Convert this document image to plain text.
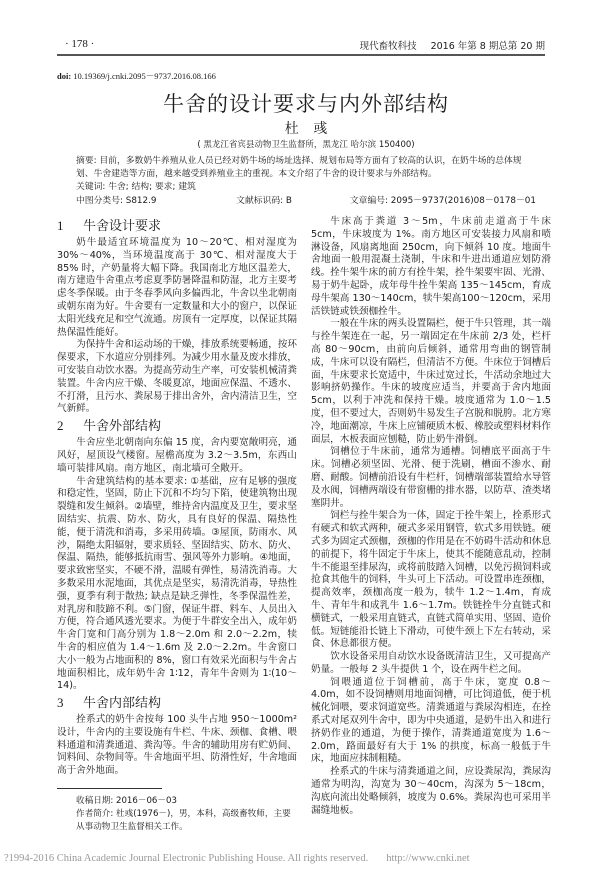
· 178 ·	现代畜牧科技 2016 年第 8 期总第 20 期
doi: 10.19369/j.cnki.2095－9737.2016.08.166
牛舍的设计要求与内外部结构
杜 彧
( 黑龙江省宾县动物卫生监督所，黑龙江 哈尔滨 150400)
摘要: 目前，多数奶牛养殖从业人员已经对奶牛场的场址选择、规划布局等方面有了较高的认识，在奶牛场的总体规划、牛舍建造等方面，越来越受到养殖业主的重视。本文介绍了牛舍的设计要求与外部结构。
关键词: 牛舍; 结构; 要求; 建筑
中图分类号: S812.9	文献标识码: B	文章编号: 2095－9737(2016)08－0178－01
1 牛舍设计要求

奶牛最适宜环境温度为 10～20℃、相对湿度为 30%～40%，当环境温度高于 30℃、相对湿度大于 85% 时，产奶量将大幅下降。我国南北方地区温差大，南方建造牛舍重点考虑夏季防暑降温和防湿，北方主要考虑冬季保暖。由于冬春季风向多偏西北，牛舍以坐北朝南或朝东南为好。牛舍要有一定数量和大小的窗户，以保证太阳光线充足和空气流通。房顶有一定厚度，以保证其隔热保温性能好。

为保持牛舍和运动场的干燥，排放系统要畅通，按环保要求，下水道应分别排列。为减少用水量及废水排放，可安装自动饮水器。为提高劳动生产率，可安装机械清粪装置。牛舍内应干燥、冬暖夏凉，地面应保温、不透水、不打滑，且污水、粪尿易于排出舍外，舍内清洁卫生，空气新鲜。

2 牛舍外部结构

牛舍应坐北朝南向东偏 15 度，舍内要宽敞明亮，通风好，屋顶设气楼窗。屋檐高度为 3.2～3.5m，东西山墙可装排风扇。南方地区，南北墙可全敞开。

牛舍建筑结构的基本要求: ①基础，应有足够的强度和稳定性，坚固，防止下沉和不均匀下陷，使建筑物出现裂缝和发生倾斜。②墙壁，维持舍内温度及卫生，要求坚固结实、抗震、防水、防火，具有良好的保温、隔热性能，便于清洗和消毒，多采用砖墙。③屋顶，防雨水、风沙，隔绝太阳辐射，要求质轻、坚固结实、防水、防火、保温、隔热，能够抵抗雨雪、强风等外力影响。④地面，要求致密坚实，不硬不滑，温暖有弹性，易清洗消毒。大多数采用水泥地面，其优点是坚实，易清洗消毒，导热性强，夏季有利于散热; 缺点是缺乏弹性，冬季保温性差，对乳房和肢蹄不利。⑤门窗，保证牛群、料车、人员出入方便，符合通风透光要求。为便于牛群安全出入，成年奶牛舍门宽和门高分别为 1.8～2.0m 和 2.0～2.2m，犊牛舍的相应值为 1.4～1.6m 及 2.0～2.2m。牛舍窗口大小一般为占地面积的 8%，窗口有效采光面积与牛舍占地面积相比，成年奶牛舍 1∶12，青年牛舍则为 1∶(10～14)。

3 牛舍内部结构

拴系式的奶牛舍按每 100 头牛占地 950～1000m² 设计，牛舍内的主要设施有牛栏、牛床、颈枷、食槽、喂料通道和清粪通道、粪沟等。牛舍的辅助用房有贮奶间、饲料间、杂物间等。牛舍地面平坦、防滑性好，牛舍地面高于舍外地面。

收稿日期: 2016－06－03
作者简介: 杜彧(1976－)，男，本科，高级畜牧师，主要从事动物卫生监督相关工作。

牛床高于粪道 3～5m，牛床前走道高于牛床 5cm，牛床坡度为 1%。南方地区可安装接力风扇和喷淋设备，风扇离地面 250cm，向下倾斜 10 度。地面牛舍地面一般用混凝土浇制，牛床和牛进出通道应划防滑线。拴牛架牛床的前方有拴牛架，拴牛架要牢固、光滑、易于奶牛起卧，成年母牛拴牛架高 135～145cm，育成母牛架高 130～140cm，犊牛架高100～120cm，采用活铁链或铁颈枷拴牛。

一般在牛床的两头设置隔栏，便于牛只管理，其一端与拴牛架连在一起，另一端固定在牛床前 2/3 处，栏杆高 80～90cm，由前向后倾斜，通常用弯曲的钢管制成，牛床可以设有隔栏，但清洁不方便。牛床位于饲槽后面，牛床要求长宽适中，牛床过宽过长，牛活动余地过大影响挤奶操作。牛床的坡度应适当，并要高于舍内地面 5cm，以利于冲洗和保持干燥。坡度通常为 1.0～1.5 度，但不要过大，否则奶牛易发生子宫脱和脱胯。北方寒冷，地面潮凉，牛床上应铺硬质木板、橡胶或塑料材料作面层，木板表面应刨糙，防止奶牛滑倒。

饲槽位于牛床前，通常为通槽。饲槽底平面高于牛床。饲槽必须坚固、光滑、便于洗刷，槽面不渗水、耐磨、耐酸。饲槽前沿设有牛栏杆，饲槽端部装置给水导管及水阀，饲槽两端设有带窗栅的排水器，以防草、渣类堵塞阴井。

饲栏与拴牛架合为一体，固定于拴牛架上，拴系形式有硬式和软式两种，硬式多采用钢管，软式多用铁链。硬式多为固定式颈枷，颈枷的作用是在不妨碍牛活动和休息的前提下，将牛固定于牛床上，使其不能随意乱动，控制牛不能退至排尿沟，或将前肢踏入饲槽，以免污损饲料或抢食其他牛的饲料，牛头可上下活动。可设置串连颈枷，提高效率，颈枷高度一般为，犊牛 1.2～1.4m，育成牛、青年牛和成乳牛 1.6～1.7m。铁链拴牛分直链式和横链式，一般采用直链式，直链式简单实用、坚固、造价低。短链能沿长链上下滑动，可使牛颈上下左右转动，采食、休息都很方便。

饮水设备采用自动饮水设备既清洁卫生，又可提高产奶量。一般每 2 头牛提供 1 个，设在两牛栏之间。

饲喂通道位于饲槽前，高于牛床，宽度 0.8～4.0m，如不设饲槽则用地面饲槽，可比饲道低，便于机械化饲喂，要求饲道宽些。清粪通道与粪尿沟相连，在拴系式对尾双列牛舍中，即为中央通道，是奶牛出入和进行挤奶作业的通道，为便于操作，清粪通道宽度为 1.6～2.0m，路面最好有大于 1% 的拱度，标高一般低于牛床，地面应抹制粗糙。

拴系式的牛床与清粪通道之间，应设粪尿沟，粪尿沟通常为明沟，沟宽为 30～40cm，沟深为 5～18cm，沟底向流出处略倾斜，坡度为 0.6%。粪尿沟也可采用半漏缝地板。

?1994-2016 China Academic Journal Electronic Publishing House. All rights reserved. http://www.cnki.net
